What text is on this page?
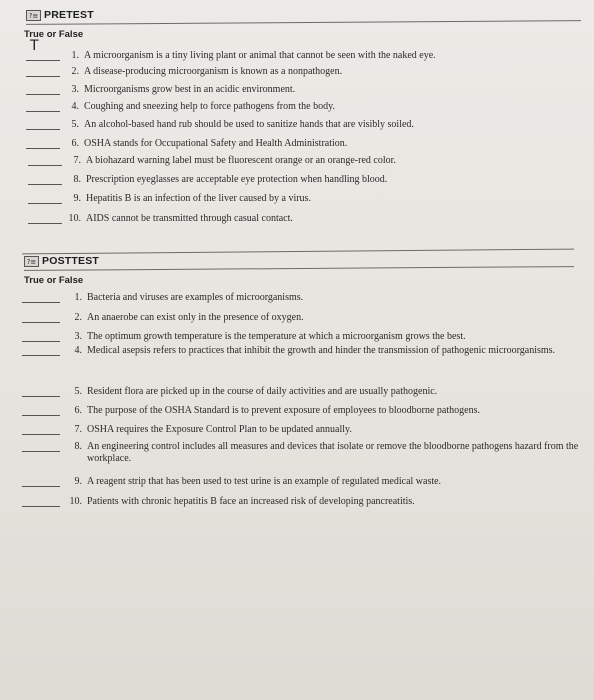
?≡ PRETEST
True or False
T
1. A microorganism is a tiny living plant or animal that cannot be seen with the naked eye.
2. A disease-producing microorganism is known as a nonpathogen.
3. Microorganisms grow best in an acidic environment.
4. Coughing and sneezing help to force pathogens from the body.
5. An alcohol-based hand rub should be used to sanitize hands that are visibly soiled.
6. OSHA stands for Occupational Safety and Health Administration.
7. A biohazard warning label must be fluorescent orange or an orange-red color.
8. Prescription eyeglasses are acceptable eye protection when handling blood.
9. Hepatitis B is an infection of the liver caused by a virus.
10. AIDS cannot be transmitted through casual contact.
?≡ POSTTEST
True or False
1. Bacteria and viruses are examples of microorganisms.
2. An anaerobe can exist only in the presence of oxygen.
3. The optimum growth temperature is the temperature at which a microorganism grows the best.
4. Medical asepsis refers to practices that inhibit the growth and hinder the transmission of pathogenic microorganisms.
5. Resident flora are picked up in the course of daily activities and are usually pathogenic.
6. The purpose of the OSHA Standard is to prevent exposure of employees to bloodborne pathogens.
7. OSHA requires the Exposure Control Plan to be updated annually.
8. An engineering control includes all measures and devices that isolate or remove the bloodborne pathogens hazard from the workplace.
9. A reagent strip that has been used to test urine is an example of regulated medical waste.
10. Patients with chronic hepatitis B face an increased risk of developing pancreatitis.
